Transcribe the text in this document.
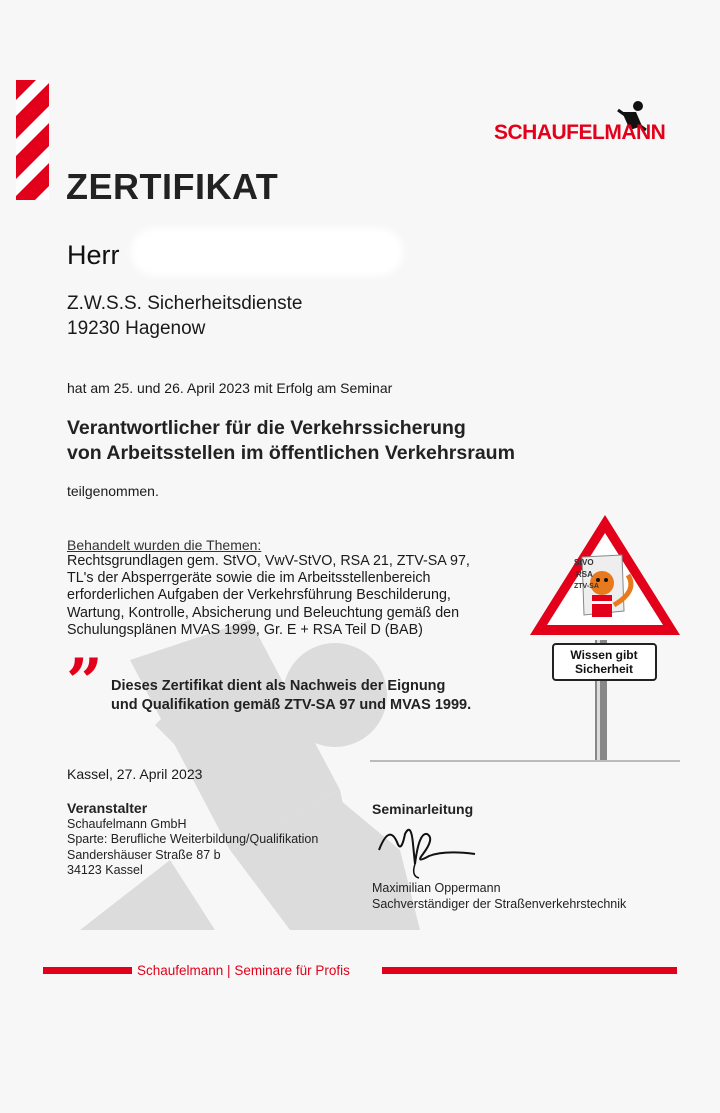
SCHAUFELMANN
ZERTIFIKAT
Herr
Z.W.S.S. Sicherheitsdienste
19230 Hagenow
hat am 25. und 26. April 2023 mit Erfolg am Seminar
Verantwortlicher für die Verkehrssicherung
von Arbeitsstellen im öffentlichen Verkehrsraum
teilgenommen.
Behandelt wurden die Themen:
Rechtsgrundlagen gem. StVO, VwV-StVO, RSA 21, ZTV-SA 97,
TL's der Absperrgeräte sowie die im Arbeitsstellenbereich
erforderlichen Aufgaben der Verkehrsführung Beschilderung,
Wartung, Kontrolle, Absicherung und Beleuchtung gemäß den
Schulungsplänen MVAS 1999, Gr. E + RSA Teil D (BAB)
StVO
RSA
ZTV-SA
Wissen gibt
Sicherheit
” Dieses Zertifikat dient als Nachweis der Eignung
und Qualifikation gemäß ZTV-SA 97 und MVAS 1999.
Kassel, 27. April 2023
Veranstalter
Schaufelmann GmbH
Sparte: Berufliche Weiterbildung/Qualifikation
Sandershäuser Straße 87 b
34123 Kassel
Seminarleitung
Maximilian Oppermann
Sachverständiger der Straßenverkehrstechnik
Schaufelmann | Seminare für Profis
